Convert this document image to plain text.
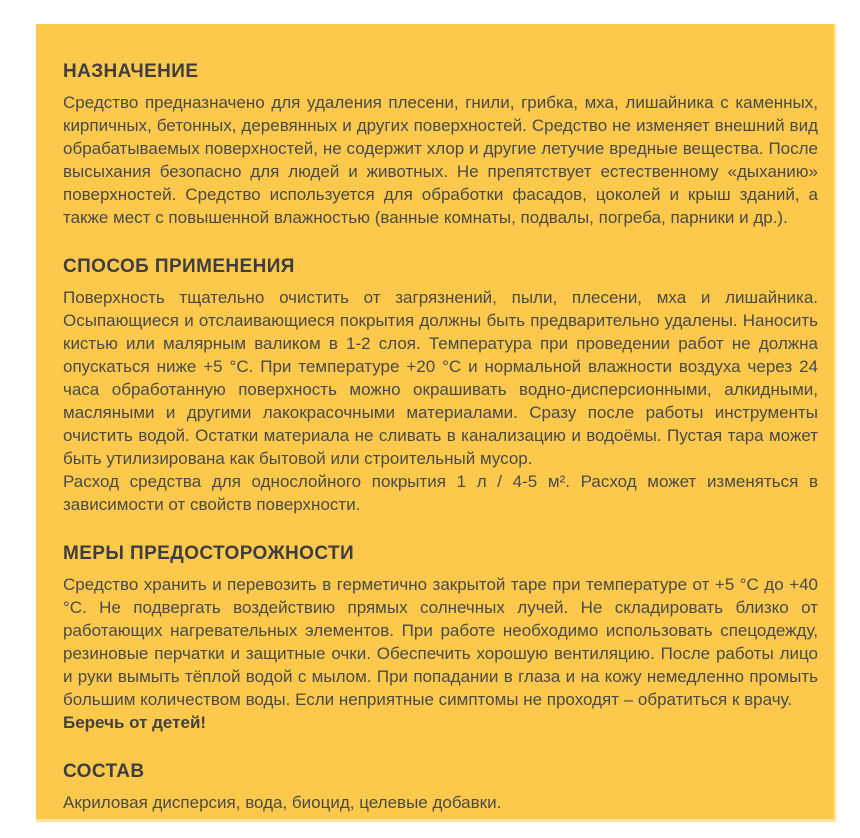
НАЗНАЧЕНИЕ

Средство предназначено для удаления плесени, гнили, грибка, мха, лишайника с каменных, кирпичных, бетонных, деревянных и других поверхностей. Средство не изменяет внешний вид обрабатываемых поверхностей, не содержит хлор и другие летучие вредные вещества. После высыхания безопасно для людей и животных. Не препятствует естественному «дыханию» поверхностей. Средство используется для обработки фасадов, цоколей и крыш зданий, а также мест с повышенной влажностью (ванные комнаты, подвалы, погреба, парники и др.).

СПОСОБ ПРИМЕНЕНИЯ

Поверхность тщательно очистить от загрязнений, пыли, плесени, мха и лишайника. Осыпающиеся и отслаивающиеся покрытия должны быть предварительно удалены. Наносить кистью или малярным валиком в 1-2 слоя. Температура при проведении работ не должна опускаться ниже +5 °С. При температуре +20 °С и нормальной влажности воздуха через 24 часа обработанную поверхность можно окрашивать водно-дисперсионными, алкидными, масляными и другими лакокрасочными материалами. Сразу после работы инструменты очистить водой. Остатки материала не сливать в канализацию и водоёмы. Пустая тара может быть утилизирована как бытовой или строительный мусор.

Расход средства для однослойного покрытия 1 л / 4-5 м². Расход может изменяться в зависимости от свойств поверхности.

МЕРЫ ПРЕДОСТОРОЖНОСТИ

Средство хранить и перевозить в герметично закрытой таре при температуре от +5 °С до +40 °С. Не подвергать воздействию прямых солнечных лучей. Не складировать близко от работающих нагревательных элементов. При работе необходимо использовать спецодежду, резиновые перчатки и защитные очки. Обеспечить хорошую вентиляцию. После работы лицо и руки вымыть тёплой водой с мылом. При попадании в глаза и на кожу немедленно промыть большим количеством воды. Если неприятные симптомы не проходят – обратиться к врачу.

Беречь от детей!

СОСТАВ

Акриловая дисперсия, вода, биоцид, целевые добавки.
